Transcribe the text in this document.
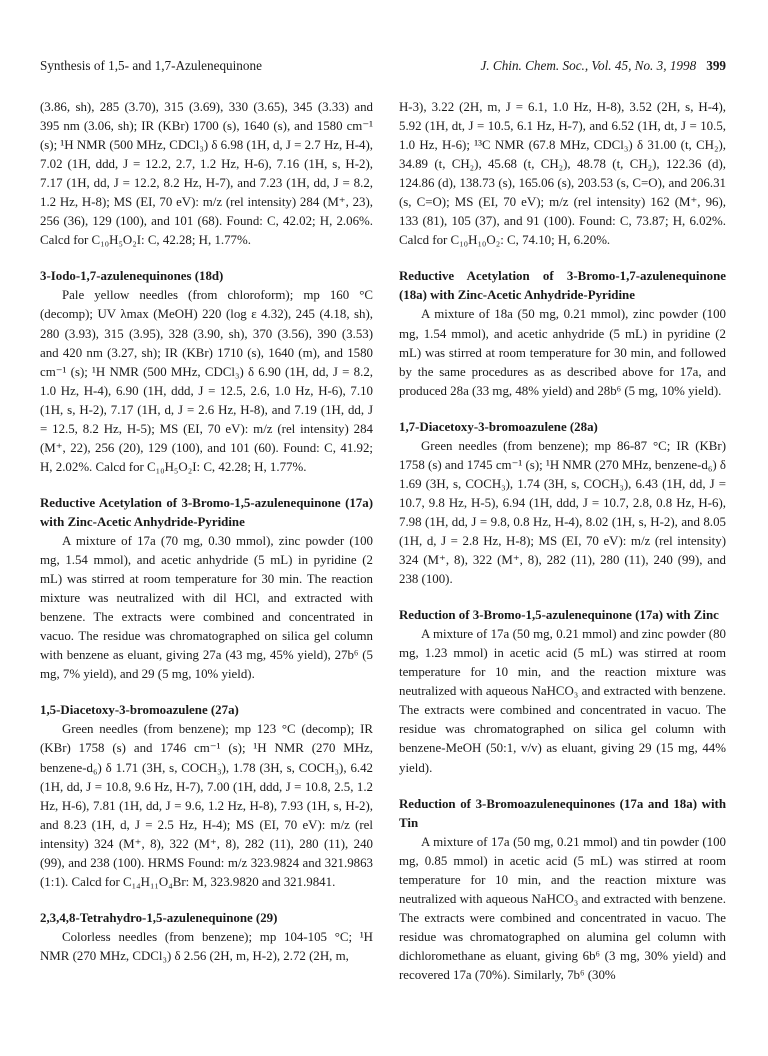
Synthesis of 1,5- and 1,7-Azulenequinone	J. Chin. Chem. Soc., Vol. 45, No. 3, 1998 399

(3.86, sh), 285 (3.70), 315 (3.69), 330 (3.65), 345 (3.33) and 395 nm (3.06, sh); IR (KBr) 1700 (s), 1640 (s), and 1580 cm⁻¹ (s); ¹H NMR (500 MHz, CDCl₃) δ 6.98 (1H, d, J = 2.7 Hz, H-4), 7.02 (1H, ddd, J = 12.2, 2.7, 1.2 Hz, H-6), 7.16 (1H, s, H-2), 7.17 (1H, dd, J = 12.2, 8.2 Hz, H-7), and 7.23 (1H, dd, J = 8.2, 1.2 Hz, H-8); MS (EI, 70 eV): m/z (rel intensity) 284 (M⁺, 23), 256 (36), 129 (100), and 101 (68). Found: C, 42.02; H, 2.06%. Calcd for C₁₀H₅O₂I: C, 42.28; H, 1.77%.

3-Iodo-1,7-azulenequinones (18d)

Pale yellow needles (from chloroform); mp 160 °C (decomp); UV λmax (MeOH) 220 (log ε 4.32), 245 (4.18, sh), 280 (3.93), 315 (3.95), 328 (3.90, sh), 370 (3.56), 390 (3.53) and 420 nm (3.27, sh); IR (KBr) 1710 (s), 1640 (m), and 1580 cm⁻¹ (s); ¹H NMR (500 MHz, CDCl₃) δ 6.90 (1H, dd, J = 8.2, 1.0 Hz, H-4), 6.90 (1H, ddd, J = 12.5, 2.6, 1.0 Hz, H-6), 7.10 (1H, s, H-2), 7.17 (1H, d, J = 2.6 Hz, H-8), and 7.19 (1H, dd, J = 12.5, 8.2 Hz, H-5); MS (EI, 70 eV): m/z (rel intensity) 284 (M⁺, 22), 256 (20), 129 (100), and 101 (60). Found: C, 41.92; H, 2.02%. Calcd for C₁₀H₅O₂I: C, 42.28; H, 1.77%.

Reductive Acetylation of 3-Bromo-1,5-azulenequinone (17a) with Zinc-Acetic Anhydride-Pyridine

A mixture of 17a (70 mg, 0.30 mmol), zinc powder (100 mg, 1.54 mmol), and acetic anhydride (5 mL) in pyridine (2 mL) was stirred at room temperature for 30 min. The reaction mixture was neutralized with dil HCl, and extracted with benzene. The extracts were combined and concentrated in vacuo. The residue was chromatographed on silica gel column with benzene as eluant, giving 27a (43 mg, 45% yield), 27b⁶ (5 mg, 7% yield), and 29 (5 mg, 10% yield).

1,5-Diacetoxy-3-bromoazulene (27a)

Green needles (from benzene); mp 123 °C (decomp); IR (KBr) 1758 (s) and 1746 cm⁻¹ (s); ¹H NMR (270 MHz, benzene-d₆) δ 1.71 (3H, s, COCH₃), 1.78 (3H, s, COCH₃), 6.42 (1H, dd, J = 10.8, 9.6 Hz, H-7), 7.00 (1H, ddd, J = 10.8, 2.5, 1.2 Hz, H-6), 7.81 (1H, dd, J = 9.6, 1.2 Hz, H-8), 7.93 (1H, s, H-2), and 8.23 (1H, d, J = 2.5 Hz, H-4); MS (EI, 70 eV): m/z (rel intensity) 324 (M⁺, 8), 322 (M⁺, 8), 282 (11), 280 (11), 240 (99), and 238 (100). HRMS Found: m/z 323.9824 and 321.9863 (1:1). Calcd for C₁₄H₁₁O₄Br: M, 323.9820 and 321.9841.

2,3,4,8-Tetrahydro-1,5-azulenequinone (29)

Colorless needles (from benzene); mp 104-105 °C; ¹H NMR (270 MHz, CDCl₃) δ 2.56 (2H, m, H-2), 2.72 (2H, m,

H-3), 3.22 (2H, m, J = 6.1, 1.0 Hz, H-8), 3.52 (2H, s, H-4), 5.92 (1H, dt, J = 10.5, 6.1 Hz, H-7), and 6.52 (1H, dt, J = 10.5, 1.0 Hz, H-6); ¹³C NMR (67.8 MHz, CDCl₃) δ 31.00 (t, CH₂), 34.89 (t, CH₂), 45.68 (t, CH₂), 48.78 (t, CH₂), 122.36 (d), 124.86 (d), 138.73 (s), 165.06 (s), 203.53 (s, C=O), and 206.31 (s, C=O); MS (EI, 70 eV); m/z (rel intensity) 162 (M⁺, 96), 133 (81), 105 (37), and 91 (100). Found: C, 73.87; H, 6.02%. Calcd for C₁₀H₁₀O₂: C, 74.10; H, 6.20%.

Reductive Acetylation of 3-Bromo-1,7-azulenequinone (18a) with Zinc-Acetic Anhydride-Pyridine

A mixture of 18a (50 mg, 0.21 mmol), zinc powder (100 mg, 1.54 mmol), and acetic anhydride (5 mL) in pyridine (2 mL) was stirred at room temperature for 30 min, and followed by the same procedures as as described above for 17a, and produced 28a (33 mg, 48% yield) and 28b⁶ (5 mg, 10% yield).

1,7-Diacetoxy-3-bromoazulene (28a)

Green needles (from benzene); mp 86-87 °C; IR (KBr) 1758 (s) and 1745 cm⁻¹ (s); ¹H NMR (270 MHz, benzene-d₆) δ 1.69 (3H, s, COCH₃), 1.74 (3H, s, COCH₃), 6.43 (1H, dd, J = 10.7, 9.8 Hz, H-5), 6.94 (1H, ddd, J = 10.7, 2.8, 0.8 Hz, H-6), 7.98 (1H, dd, J = 9.8, 0.8 Hz, H-4), 8.02 (1H, s, H-2), and 8.05 (1H, d, J = 2.8 Hz, H-8); MS (EI, 70 eV): m/z (rel intensity) 324 (M⁺, 8), 322 (M⁺, 8), 282 (11), 280 (11), 240 (99), and 238 (100).

Reduction of 3-Bromo-1,5-azulenequinone (17a) with Zinc

A mixture of 17a (50 mg, 0.21 mmol) and zinc powder (80 mg, 1.23 mmol) in acetic acid (5 mL) was stirred at room temperature for 10 min, and the reaction mixture was neutralized with aqueous NaHCO₃ and extracted with benzene. The extracts were combined and concentrated in vacuo. The residue was chromatographed on silica gel column with benzene-MeOH (50:1, v/v) as eluant, giving 29 (15 mg, 44% yield).

Reduction of 3-Bromoazulenequinones (17a and 18a) with Tin

A mixture of 17a (50 mg, 0.21 mmol) and tin powder (100 mg, 0.85 mmol) in acetic acid (5 mL) was stirred at room temperature for 10 min, and the reaction mixture was neutralized with aqueous NaHCO₃ and extracted with benzene. The extracts were combined and concentrated in vacuo. The residue was chromatographed on alumina gel column with dichloromethane as eluant, giving 6b⁶ (3 mg, 30% yield) and recovered 17a (70%). Similarly, 7b⁶ (30%
